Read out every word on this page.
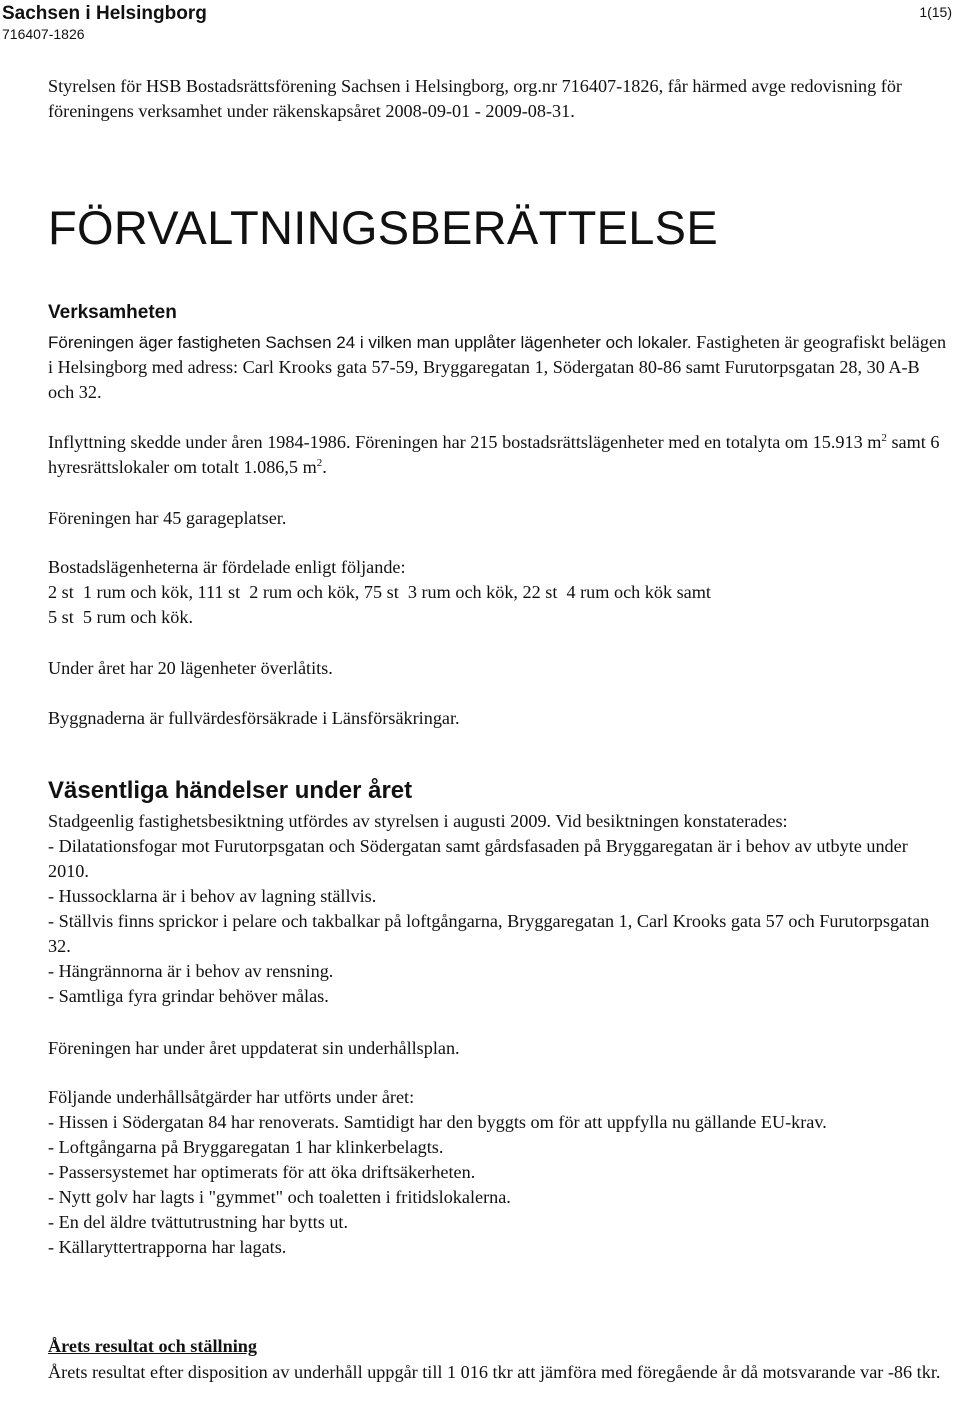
Sachsen i Helsingborg
716407-1826
1(15)

Styrelsen för HSB Bostadsrättsförening Sachsen i Helsingborg, org.nr 716407-1826, får härmed avge redovisning för föreningens verksamhet under räkenskapsåret 2008-09-01 - 2009-08-31.

FÖRVALTNINGSBERÄTTELSE
Verksamheten

Föreningen äger fastigheten Sachsen 24 i vilken man upplåter lägenheter och lokaler. Fastigheten är geografiskt belägen i Helsingborg med adress: Carl Krooks gata 57-59, Bryggaregatan 1, Södergatan 80-86 samt Furutorpsgatan 28, 30 A-B och 32.

Inflyttning skedde under åren 1984-1986. Föreningen har 215 bostadsrättslägenheter med en totalyta om 15.913 $m^2$ samt 6 hyresrättslokaler om totalt 1.086,5 $m^2$.

Föreningen har 45 garageplatser.

Bostadslägenheterna är fördelade enligt följande:

2 st  1 rum och kök, 111 st  2 rum och kök, 75 st  3 rum och kök, 22 st  4 rum och kök samt

5 st  5 rum och kök.

Under året har 20 lägenheter överlåtits.

Byggnaderna är fullvärdesförsäkrade i Länsförsäkringar.

Väsentliga händelser under året

Stadgeenlig fastighetsbesiktning utfördes av styrelsen i augusti 2009. Vid besiktningen konstaterades:

- Dilatationsfogar mot Furutorpsgatan och Södergatan samt gårdsfasaden på Bryggaregatan är i behov av utbyte under 2010.

- Hussocklarna är i behov av lagning ställvis.

- Ställvis finns sprickor i pelare och takbalkar på loftgångarna, Bryggaregatan 1, Carl Krooks gata 57 och Furutorpsgatan 32.

- Hängrännorna är i behov av rensning.

- Samtliga fyra grindar behöver målas.

Föreningen har under året uppdaterat sin underhållsplan.

Följande underhållsåtgärder har utförts under året:

- Hissen i Södergatan 84 har renoverats. Samtidigt har den byggts om för att uppfylla nu gällande EU-krav.

- Loftgångarna på Bryggaregatan 1 har klinkerbelagts.

- Passersystemet har optimerats för att öka driftsäkerheten.

- Nytt golv har lagts i "gymmet" och toaletten i fritidslokalerna.

- En del äldre tvättutrustning har bytts ut.

- Källaryttertrapporna har lagats.

Årets resultat och ställning

Årets resultat efter disposition av underhåll uppgår till 1 016 tkr att jämföra med föregående år då motsvarande var -86 tkr.
